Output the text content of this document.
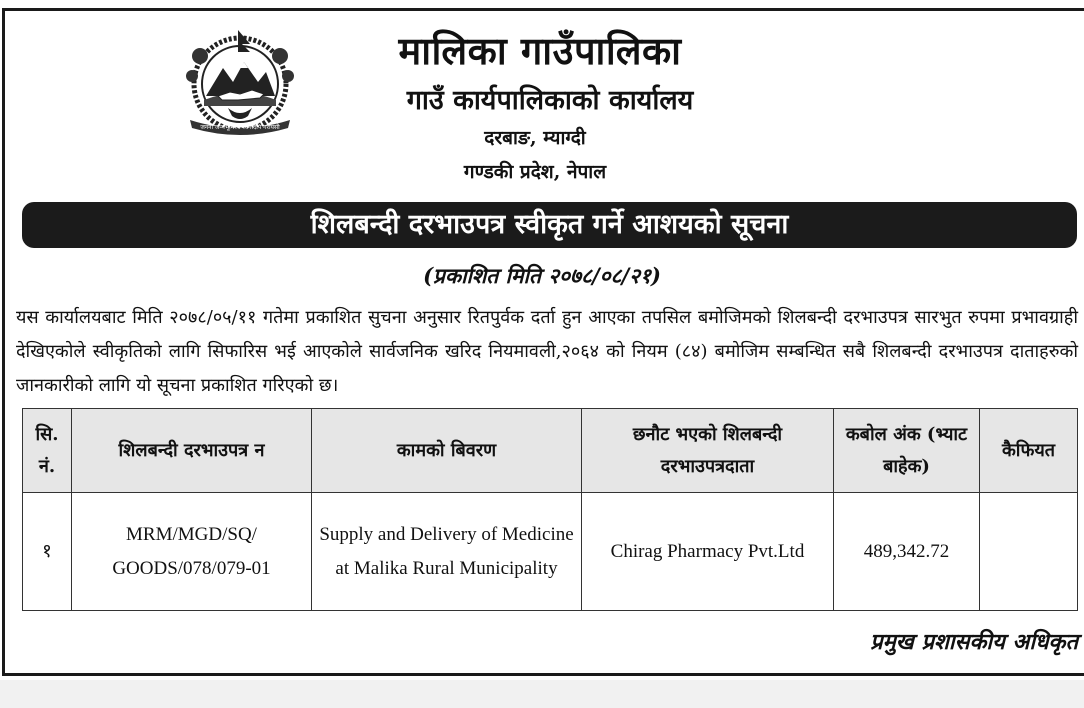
जननी जन्मभूमिश्च स्वर्गादपि गरीयसी
मालिका गाउँपालिका
गाउँ कार्यपालिकाको कार्यालय
दरबाङ, म्याग्दी
गण्डकी प्रदेश, नेपाल
शिलबन्दी दरभाउपत्र स्वीकृत गर्ने आशयको सूचना
(प्रकाशित मिति २०७८/०८/२१)
यस कार्यालयबाट मिति २०७८/०५/११ गतेमा प्रकाशित सुचना अनुसार रितपुर्वक दर्ता हुन आएका तपसिल बमोजिमको शिलबन्दी दरभाउपत्र सारभुत रुपमा प्रभावग्राही देखिएकोले स्वीकृतिको लागि सिफारिस भई आएकोले सार्वजनिक खरिद नियमावली,२०६४ को नियम (८४) बमोजिम सम्बन्धित सबै शिलबन्दी दरभाउपत्र दाताहरुको जानकारीको लागि यो सूचना प्रकाशित गरिएको छ।
सि. नं.	शिलबन्दी दरभाउपत्र न	कामको बिवरण	छनौट भएको शिलबन्दी दरभाउपत्रदाता	कबोल अंक (भ्याट बाहेक)	कैफियत
१	MRM/MGD/SQ/ GOODS/078/079-01	Supply and Delivery of Medicine at Malika Rural Municipality	Chirag Pharmacy Pvt.Ltd	489,342.72	
प्रमुख प्रशासकीय अधिकृत
